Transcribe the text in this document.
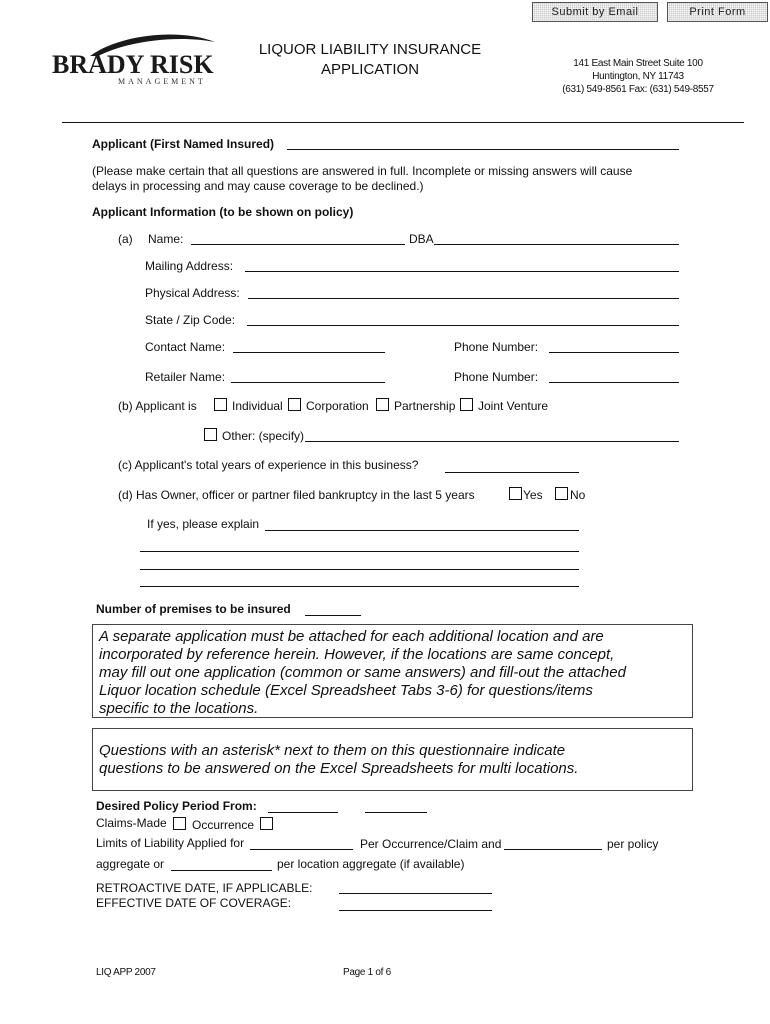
Submit by Email	Print Form
BRADY RISK
MANAGEMENT
LIQUOR LIABILITY INSURANCE
APPLICATION	141 East Main Street Suite 100
Huntington, NY 11743
(631) 549-8561 Fax: (631) 549-8557
Applicant (First Named Insured)
(Please make certain that all questions are answered in full. Incomplete or missing answers will cause
delays in processing and may cause coverage to be declined.)
Applicant Information (to be shown on policy)
(a) Name:	DBA
Mailing Address:
Physical Address:
State / Zip Code:
Contact Name:	Phone Number:
Retailer Name:	Phone Number:
(b) Applicant is	Individual Corporation Partnership Joint Venture
Other: (specify)
(c) Applicant's total years of experience in this business?
(d) Has Owner, officer or partner filed bankruptcy in the last 5 years	Yes No
If yes, please explain
Number of premises to be insured
A separate application must be attached for each additional location and are
incorporated by reference herein. However, if the locations are same concept,
may fill out one application (common or same answers) and fill-out the attached
Liquor location schedule (Excel Spreadsheet Tabs 3-6) for questions/items
specific to the locations.
Questions with an asterisk* next to them on this questionnaire indicate
questions to be answered on the Excel Spreadsheets for multi locations.
Desired Policy Period From:
Claims-Made Occurrence
Limits of Liability Applied for	Per Occurrence/Claim and	per policy
aggregate or	per location aggregate (if available)
RETROACTIVE DATE, IF APPLICABLE:
EFFECTIVE DATE OF COVERAGE:
LIQ APP 2007	Page 1 of 6
